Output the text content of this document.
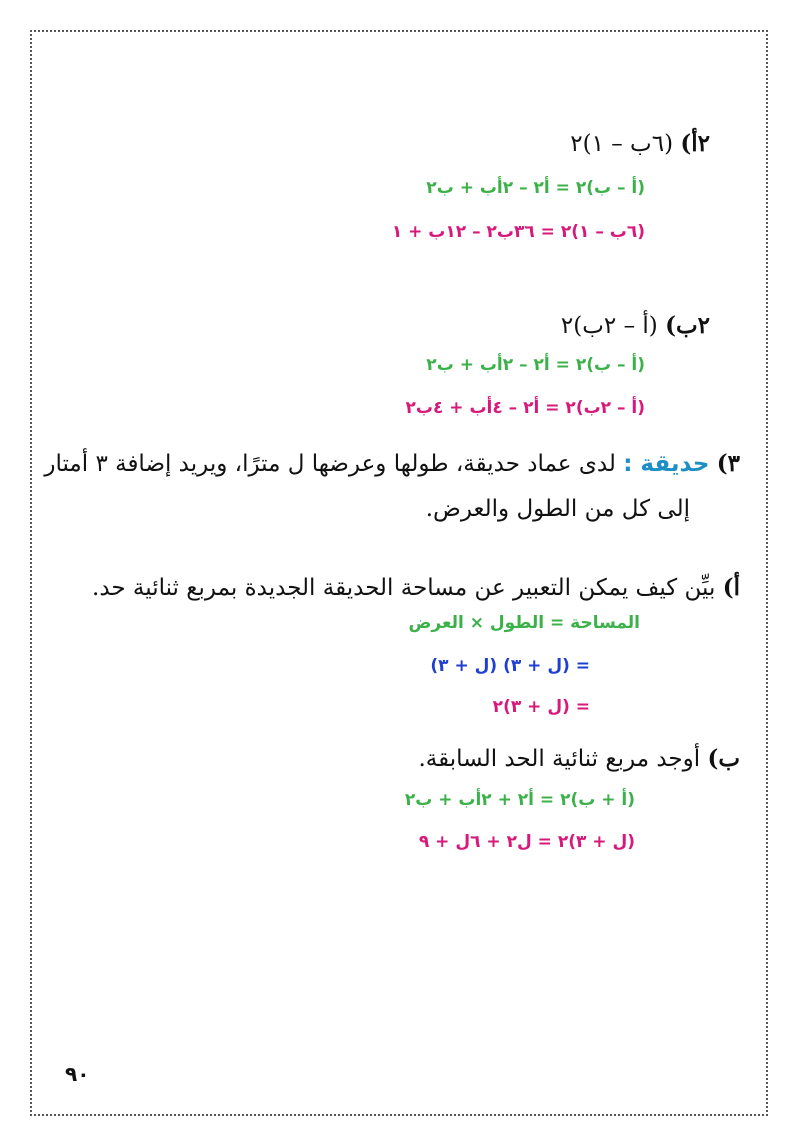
٢أ) (٦ب – ١)٢
(أ – ب)٢ = أ٢ – ٢أب + ب٢
(٦ب – ١)٢ = ٣٦ب٢ – ١٢ب + ١
٢ب) (أ – ٢ب)٢
(أ – ب)٢ = أ٢ – ٢أب + ب٢
(أ – ٢ب)٢ = أ٢ – ٤أب + ٤ب٢
٣) حديقة : لدى عماد حديقة، طولها وعرضها ل مترًا، ويريد إضافة ٣ أمتار
إلى كل من الطول والعرض.
أ) بيِّن كيف يمكن التعبير عن مساحة الحديقة الجديدة بمربع ثنائية حد.
المساحة = الطول × العرض
= (ل + ٣) (ل + ٣)
= (ل + ٣)٢
ب) أوجد مربع ثنائية الحد السابقة.
(أ + ب)٢ = أ٢ + ٢أب + ب٢
(ل + ٣)٢ = ل٢ + ٦ل + ٩
٩٠
